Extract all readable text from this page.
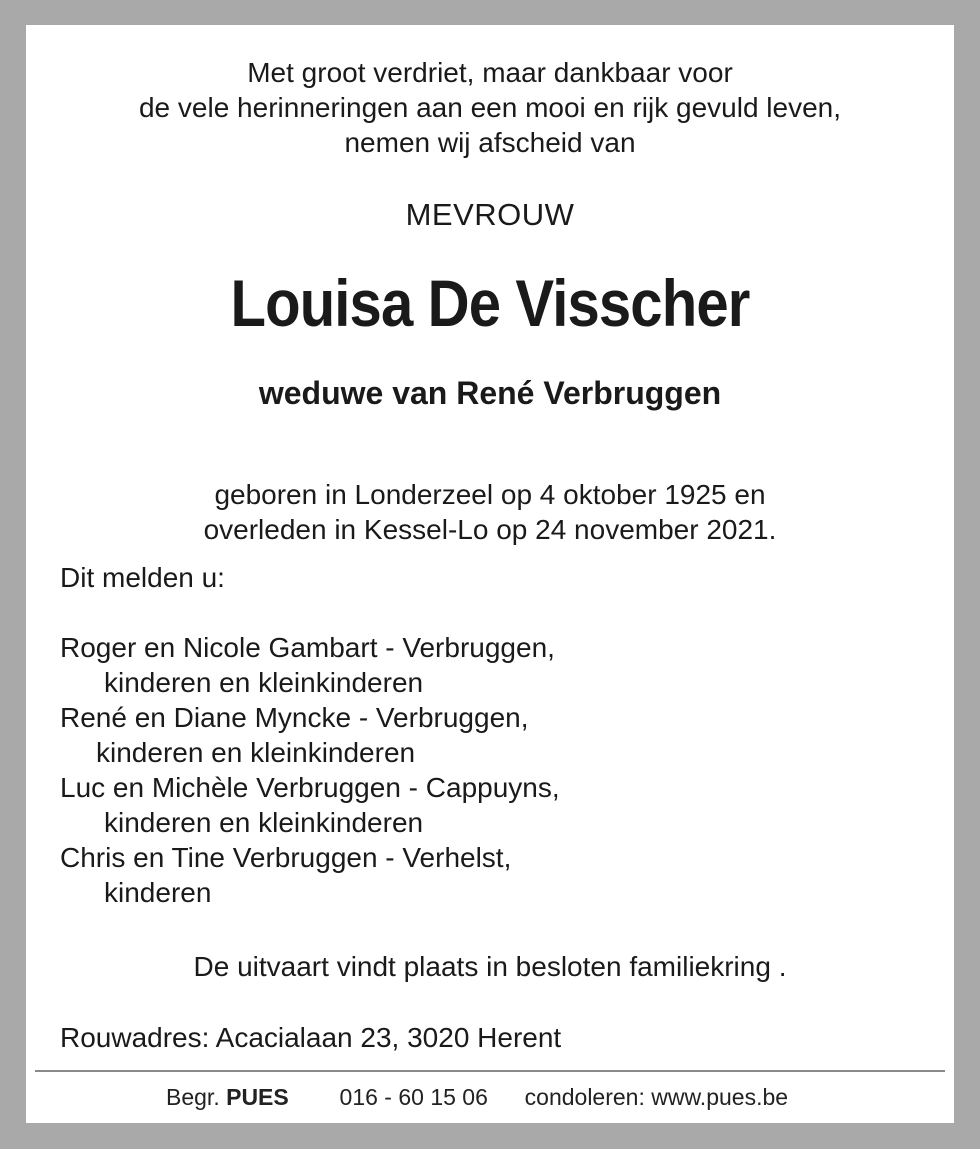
Met groot verdriet, maar dankbaar voor
de vele herinneringen aan een mooi en rijk gevuld leven,
nemen wij afscheid van
MEVROUW
Louisa De Visscher
weduwe van René Verbruggen
geboren in Londerzeel op 4 oktober 1925 en
overleden in Kessel-Lo op 24 november 2021.
Dit melden u:
Roger en Nicole Gambart - Verbruggen,
kinderen en kleinkinderen
René en Diane Myncke - Verbruggen,
kinderen en kleinkinderen
Luc en Michèle Verbruggen - Cappuyns,
kinderen en kleinkinderen
Chris en Tine Verbruggen - Verhelst,
kinderen
De uitvaart vindt plaats in besloten familiekring .
Rouwadres: Acacialaan 23, 3020 Herent
Begr. PUES 016 - 60 15 06 condoleren: www.pues.be
